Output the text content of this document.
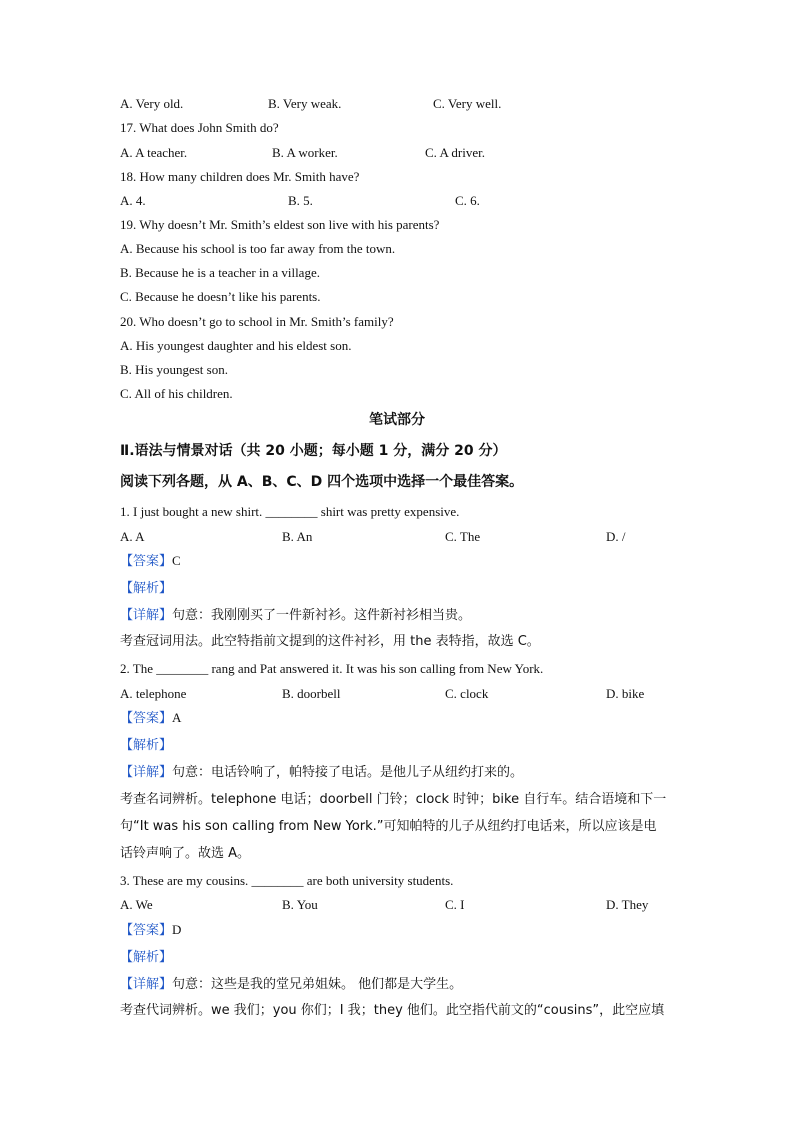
A. Very old.	B. Very weak.	C. Very well.
17. What does John Smith do?
A. A teacher.	B. A worker.	C. A driver.
18. How many children does Mr. Smith have?
A. 4.	B. 5.	C. 6.
19. Why doesn’t Mr. Smith’s eldest son live with his parents?
A. Because his school is too far away from the town.
B. Because he is a teacher in a village.
C. Because he doesn’t like his parents.
20. Who doesn’t go to school in Mr. Smith’s family?
A. His youngest daughter and his eldest son.
B. His youngest son.
C. All of his children.
笔试部分
Ⅱ.语法与情景对话（共 20 小题；每小题 1 分，满分 20 分）
阅读下列各题，从 A、B、C、D 四个选项中选择一个最佳答案。
1. I just bought a new shirt. ________ shirt was pretty expensive.
A. A	B. An	C. The	D. /
【答案】C
【解析】
【详解】句意：我刚刚买了一件新衬衫。这件新衬衫相当贵。
考查冠词用法。此空特指前文提到的这件衬衫，用 the 表特指，故选 C。
2. The ________ rang and Pat answered it. It was his son calling from New York.
A. telephone	B. doorbell	C. clock	D. bike
【答案】A
【解析】
【详解】句意：电话铃响了，帕特接了电话。是他儿子从纽约打来的。
考查名词辨析。telephone 电话；doorbell 门铃；clock 时钟；bike 自行车。结合语境和下一
句“It was his son calling from New York.”可知帕特的儿子从纽约打电话来，所以应该是电
话铃声响了。故选 A。
3. These are my cousins. ________ are both university students.
A. We	B. You	C. I	D. They
【答案】D
【解析】
【详解】句意：这些是我的堂兄弟姐妹。 他们都是大学生。
考查代词辨析。we 我们；you 你们；I 我；they 他们。此空指代前文的“cousins”，此空应填
